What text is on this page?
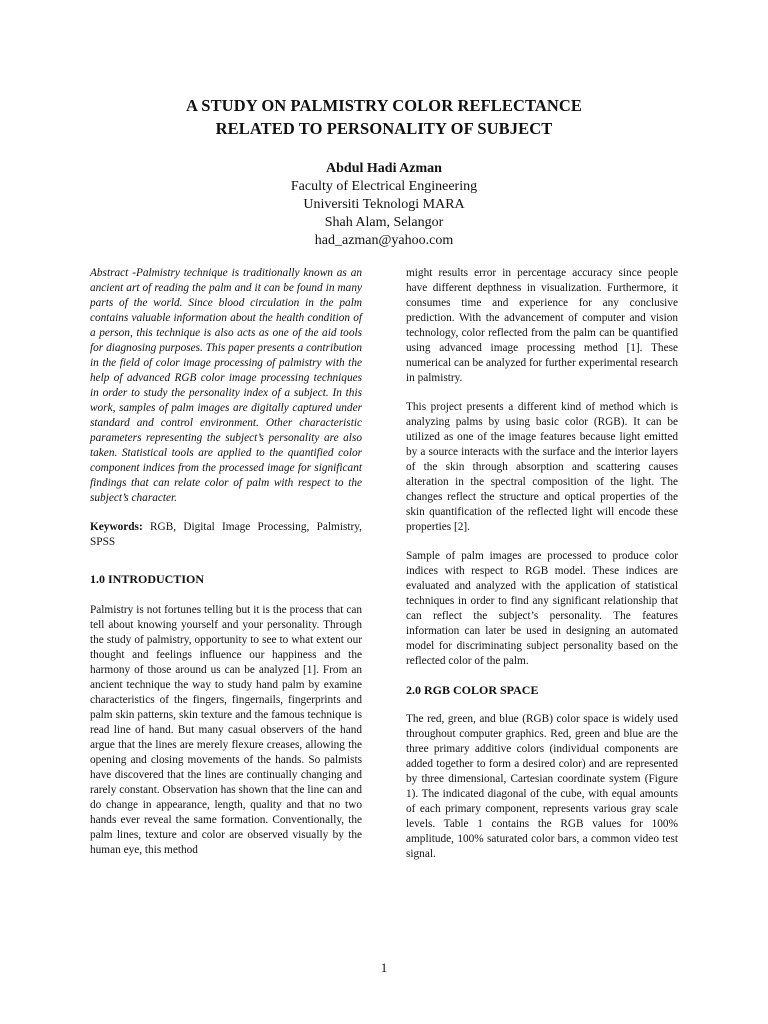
A STUDY ON PALMISTRY COLOR REFLECTANCE
RELATED TO PERSONALITY OF SUBJECT
Abdul Hadi Azman
Faculty of Electrical Engineering
Universiti Teknologi MARA
Shah Alam, Selangor
had_azman@yahoo.com

Abstract -Palmistry technique is traditionally known as an ancient art of reading the palm and it can be found in many parts of the world. Since blood circulation in the palm contains valuable information about the health condition of a person, this technique is also acts as one of the aid tools for diagnosing purposes. This paper presents a contribution in the field of color image processing of palmistry with the help of advanced RGB color image processing techniques in order to study the personality index of a subject. In this work, samples of palm images are digitally captured under standard and control environment. Other characteristic parameters representing the subject’s personality are also taken. Statistical tools are applied to the quantified color component indices from the processed image for significant findings that can relate color of palm with respect to the subject’s character.

Keywords: RGB, Digital Image Processing, Palmistry, SPSS

1.0 INTRODUCTION

Palmistry is not fortunes telling but it is the process that can tell about knowing yourself and your personality. Through the study of palmistry, opportunity to see to what extent our thought and feelings influence our happiness and the harmony of those around us can be analyzed [1]. From an ancient technique the way to study hand palm by examine characteristics of the fingers, fingernails, fingerprints and palm skin patterns, skin texture and the famous technique is read line of hand. But many casual observers of the hand argue that the lines are merely flexure creases, allowing the opening and closing movements of the hands. So palmists have discovered that the lines are continually changing and rarely constant. Observation has shown that the line can and do change in appearance, length, quality and that no two hands ever reveal the same formation. Conventionally, the palm lines, texture and color are observed visually by the human eye, this method

might results error in percentage accuracy since people have different depthness in visualization. Furthermore, it consumes time and experience for any conclusive prediction. With the advancement of computer and vision technology, color reflected from the palm can be quantified using advanced image processing method [1]. These numerical can be analyzed for further experimental research in palmistry.

This project presents a different kind of method which is analyzing palms by using basic color (RGB). It can be utilized as one of the image features because light emitted by a source interacts with the surface and the interior layers of the skin through absorption and scattering causes alteration in the spectral composition of the light. The changes reflect the structure and optical properties of the skin quantification of the reflected light will encode these properties [2].

Sample of palm images are processed to produce color indices with respect to RGB model. These indices are evaluated and analyzed with the application of statistical techniques in order to find any significant relationship that can reflect the subject’s personality. The features information can later be used in designing an automated model for discriminating subject personality based on the reflected color of the palm.

2.0 RGB COLOR SPACE

The red, green, and blue (RGB) color space is widely used throughout computer graphics. Red, green and blue are the three primary additive colors (individual components are added together to form a desired color) and are represented by three dimensional, Cartesian coordinate system (Figure 1). The indicated diagonal of the cube, with equal amounts of each primary component, represents various gray scale levels. Table 1 contains the RGB values for 100% amplitude, 100% saturated color bars, a common video test signal.

1
